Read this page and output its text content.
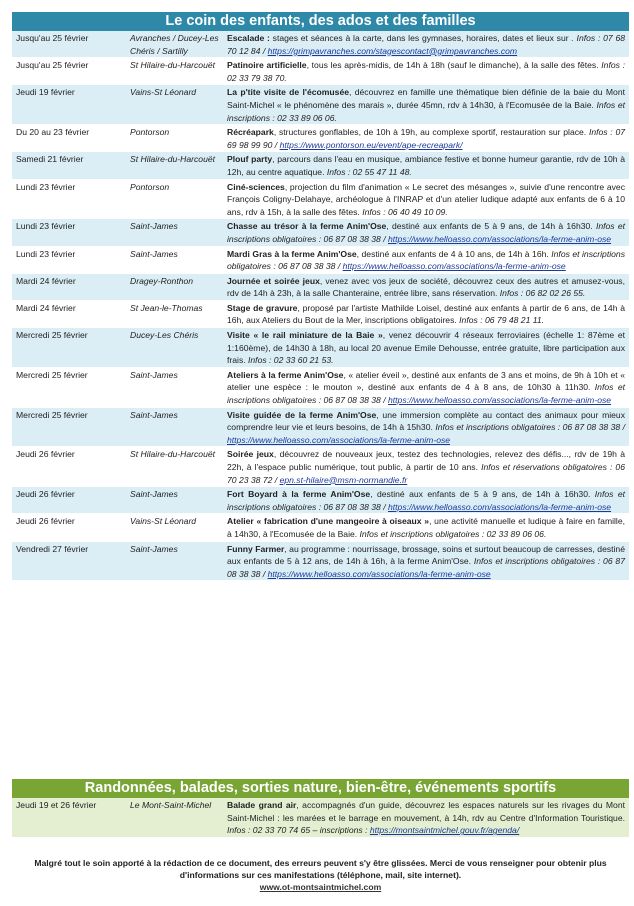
Le coin des enfants, des ados et des familles
Jusqu'au 25 février	Avranches / Ducey-Les Chéris / Sartilly	Escalade : stages et séances à la carte, dans les gymnases, horaires, dates et lieux sur . Infos : 07 68 70 12 84 / https://grimpavranches.com/stagescontact@grimpavranches.com
Jusqu'au 25 février	St Hilaire-du-Harcouët	Patinoire artificielle, tous les après-midis, de 14h à 18h (sauf le dimanche), à la salle des fêtes. Infos : 02 33 79 38 70.
Jeudi 19 février	Vains-St Léonard	La p'tite visite de l'écomusée, découvrez en famille une thématique bien définie de la baie du Mont Saint-Michel « le phénomène des marais », durée 45mn, rdv à 14h30, à l'Ecomusée de la Baie. Infos et inscriptions : 02 33 89 06 06.
Du 20 au 23 février	Pontorson	Récréapark, structures gonflables, de 10h à 19h, au complexe sportif, restauration sur place. Infos : 07 69 98 99 90 / https://www.pontorson.eu/event/ape-recreapark/
Samedi 21 février	St Hilaire-du-Harcouët	Plouf party, parcours dans l'eau en musique, ambiance festive et bonne humeur garantie, rdv de 10h à 12h, au centre aquatique. Infos : 02 55 47 11 48.
Lundi 23 février	Pontorson	Ciné-sciences, projection du film d'animation « Le secret des mésanges », suivie d'une rencontre avec François Coligny-Delahaye, archéologue à l'INRAP et d'un atelier ludique adapté aux enfants de 6 à 10 ans, rdv à 15h, à la salle des fêtes. Infos : 06 40 49 10 09.
Lundi 23 février	Saint-James	Chasse au trésor à la ferme Anim'Ose, destiné aux enfants de 5 à 9 ans, de 14h à 16h30. Infos et inscriptions obligatoires : 06 87 08 38 38 / https://www.helloasso.com/associations/la-ferme-anim-ose
Lundi 23 février	Saint-James	Mardi Gras à la ferme Anim'Ose, destiné aux enfants de 4 à 10 ans, de 14h à 16h. Infos et inscriptions obligatoires : 06 87 08 38 38 / https://www.helloasso.com/associations/la-ferme-anim-ose
Mardi 24 février	Dragey-Ronthon	Journée et soirée jeux, venez avec vos jeux de société, découvrez ceux des autres et amusez-vous, rdv de 14h à 23h, à la salle Chanteraine, entrée libre, sans réservation. Infos : 06 82 02 26 55.
Mardi 24 février	St Jean-le-Thomas	Stage de gravure, proposé par l'artiste Mathilde Loisel, destiné aux enfants à partir de 6 ans, de 14h à 16h, aux Ateliers du Bout de la Mer, inscriptions obligatoires. Infos : 06 79 48 21 11.
Mercredi 25 février	Ducey-Les Chéris	Visite « le rail miniature de la Baie », venez découvrir 4 réseaux ferroviaires (échelle 1: 87ème et 1:160ème), de 14h30 à 18h, au local 20 avenue Emile Dehousse, entrée gratuite, libre participation aux frais. Infos : 02 33 60 21 53.
Mercredi 25 février	Saint-James	Ateliers à la ferme Anim'Ose, « atelier éveil », destiné aux enfants de 3 ans et moins, de 9h à 10h et « atelier une espèce : le mouton », destiné aux enfants de 4 à 8 ans, de 10h30 à 11h30. Infos et inscriptions obligatoires : 06 87 08 38 38 / https://www.helloasso.com/associations/la-ferme-anim-ose
Mercredi 25 février	Saint-James	Visite guidée de la ferme Anim'Ose, une immersion complète au contact des animaux pour mieux comprendre leur vie et leurs besoins, de 14h à 15h30. Infos et inscriptions obligatoires : 06 87 08 38 38 / https://www.helloasso.com/associations/la-ferme-anim-ose
Jeudi 26 février	St Hilaire-du-Harcouët	Soirée jeux, découvrez de nouveaux jeux, testez des technologies, relevez des défis..., rdv de 19h à 22h, à l'espace public numérique, tout public, à partir de 10 ans. Infos et réservations obligatoires : 06 70 23 38 72 / epn.st-hilaire@msm-normandie.fr
Jeudi 26 février	Saint-James	Fort Boyard à la ferme Anim'Ose, destiné aux enfants de 5 à 9 ans, de 14h à 16h30. Infos et inscriptions obligatoires : 06 87 08 38 38 / https://www.helloasso.com/associations/la-ferme-anim-ose
Jeudi 26 février	Vains-St Léonard	Atelier « fabrication d'une mangeoire à oiseaux », une activité manuelle et ludique à faire en famille, à 14h30, à l'Ecomusée de la Baie. Infos et inscriptions obligatoires : 02 33 89 06 06.
Vendredi 27 février	Saint-James	Funny Farmer, au programme : nourrissage, brossage, soins et surtout beaucoup de carresses, destiné aux enfants de 5 à 12 ans, de 14h à 16h, à la ferme Anim'Ose. Infos et inscriptions obligatoires : 06 87 08 38 38 / https://www.helloasso.com/associations/la-ferme-anim-ose
Randonnées, balades, sorties nature, bien-être, événements sportifs
Jeudi 19 et 26 février	Le Mont-Saint-Michel	Balade grand air, accompagnés d'un guide, découvrez les espaces naturels sur les rivages du Mont Saint-Michel : les marées et le barrage en mouvement, à 14h, rdv au Centre d'Information Touristique. Infos : 02 33 70 74 65 – inscriptions : https://montsaintmichel.gouv.fr/agenda/
Malgré tout le soin apporté à la rédaction de ce document, des erreurs peuvent s'y être glissées. Merci de vous renseigner pour obtenir plus d'informations sur ces manifestations (téléphone, mail, site internet).
www.ot-montsaintmichel.com
